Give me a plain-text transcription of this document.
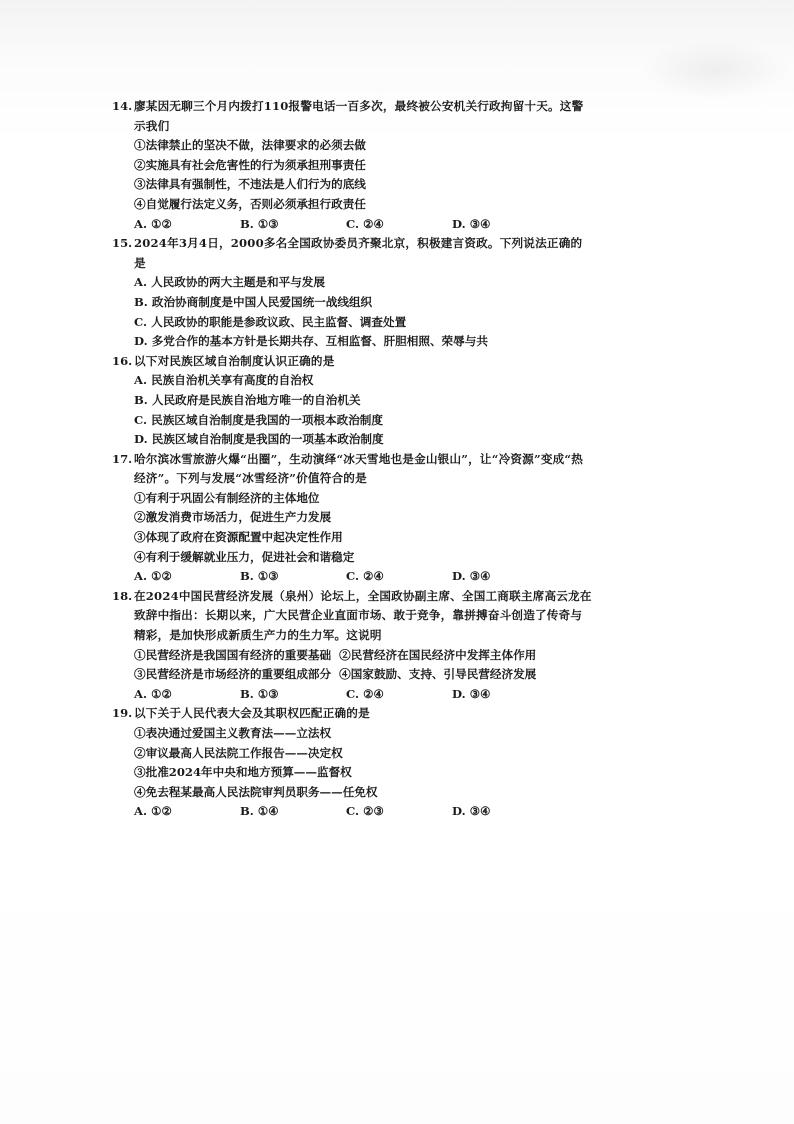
14. 廖某因无聊三个月内拨打110报警电话一百多次，最终被公安机关行政拘留十天。这警示我们
①法律禁止的坚决不做，法律要求的必须去做
②实施具有社会危害性的行为须承担刑事责任
③法律具有强制性，不违法是人们行为的底线
④自觉履行法定义务，否则必须承担行政责任
A. ①②	B. ①③	C. ②④	D. ③④
15. 2024年3月4日，2000多名全国政协委员齐聚北京，积极建言资政。下列说法正确的是
A. 人民政协的两大主题是和平与发展
B. 政治协商制度是中国人民爱国统一战线组织
C. 人民政协的职能是参政议政、民主监督、调查处置
D. 多党合作的基本方针是长期共存、互相监督、肝胆相照、荣辱与共
16. 以下对民族区域自治制度认识正确的是
A. 民族自治机关享有高度的自治权
B. 人民政府是民族自治地方唯一的自治机关
C. 民族区域自治制度是我国的一项根本政治制度
D. 民族区域自治制度是我国的一项基本政治制度
17. 哈尔滨冰雪旅游火爆“出圈”，生动演绎“冰天雪地也是金山银山”，让“冷资源”变成“热经济”。下列与发展“冰雪经济”价值符合的是
①有利于巩固公有制经济的主体地位
②激发消费市场活力，促进生产力发展
③体现了政府在资源配置中起决定性作用
④有利于缓解就业压力，促进社会和谐稳定
A. ①②	B. ①③	C. ②④	D. ③④
18. 在2024中国民营经济发展（泉州）论坛上，全国政协副主席、全国工商联主席高云龙在致辞中指出：长期以来，广大民营企业直面市场、敢于竞争，靠拼搏奋斗创造了传奇与精彩，是加快形成新质生产力的生力军。这说明
①民营经济是我国国有经济的重要基础 ②民营经济在国民经济中发挥主体作用
③民营经济是市场经济的重要组成部分 ④国家鼓励、支持、引导民营经济发展
A. ①②	B. ①③	C. ②④	D. ③④
19. 以下关于人民代表大会及其职权匹配正确的是
①表决通过爱国主义教育法——立法权
②审议最高人民法院工作报告——决定权
③批准2024年中央和地方预算——监督权
④免去程某最高人民法院审判员职务——任免权
A. ①②	B. ①④	C. ②③	D. ③④
